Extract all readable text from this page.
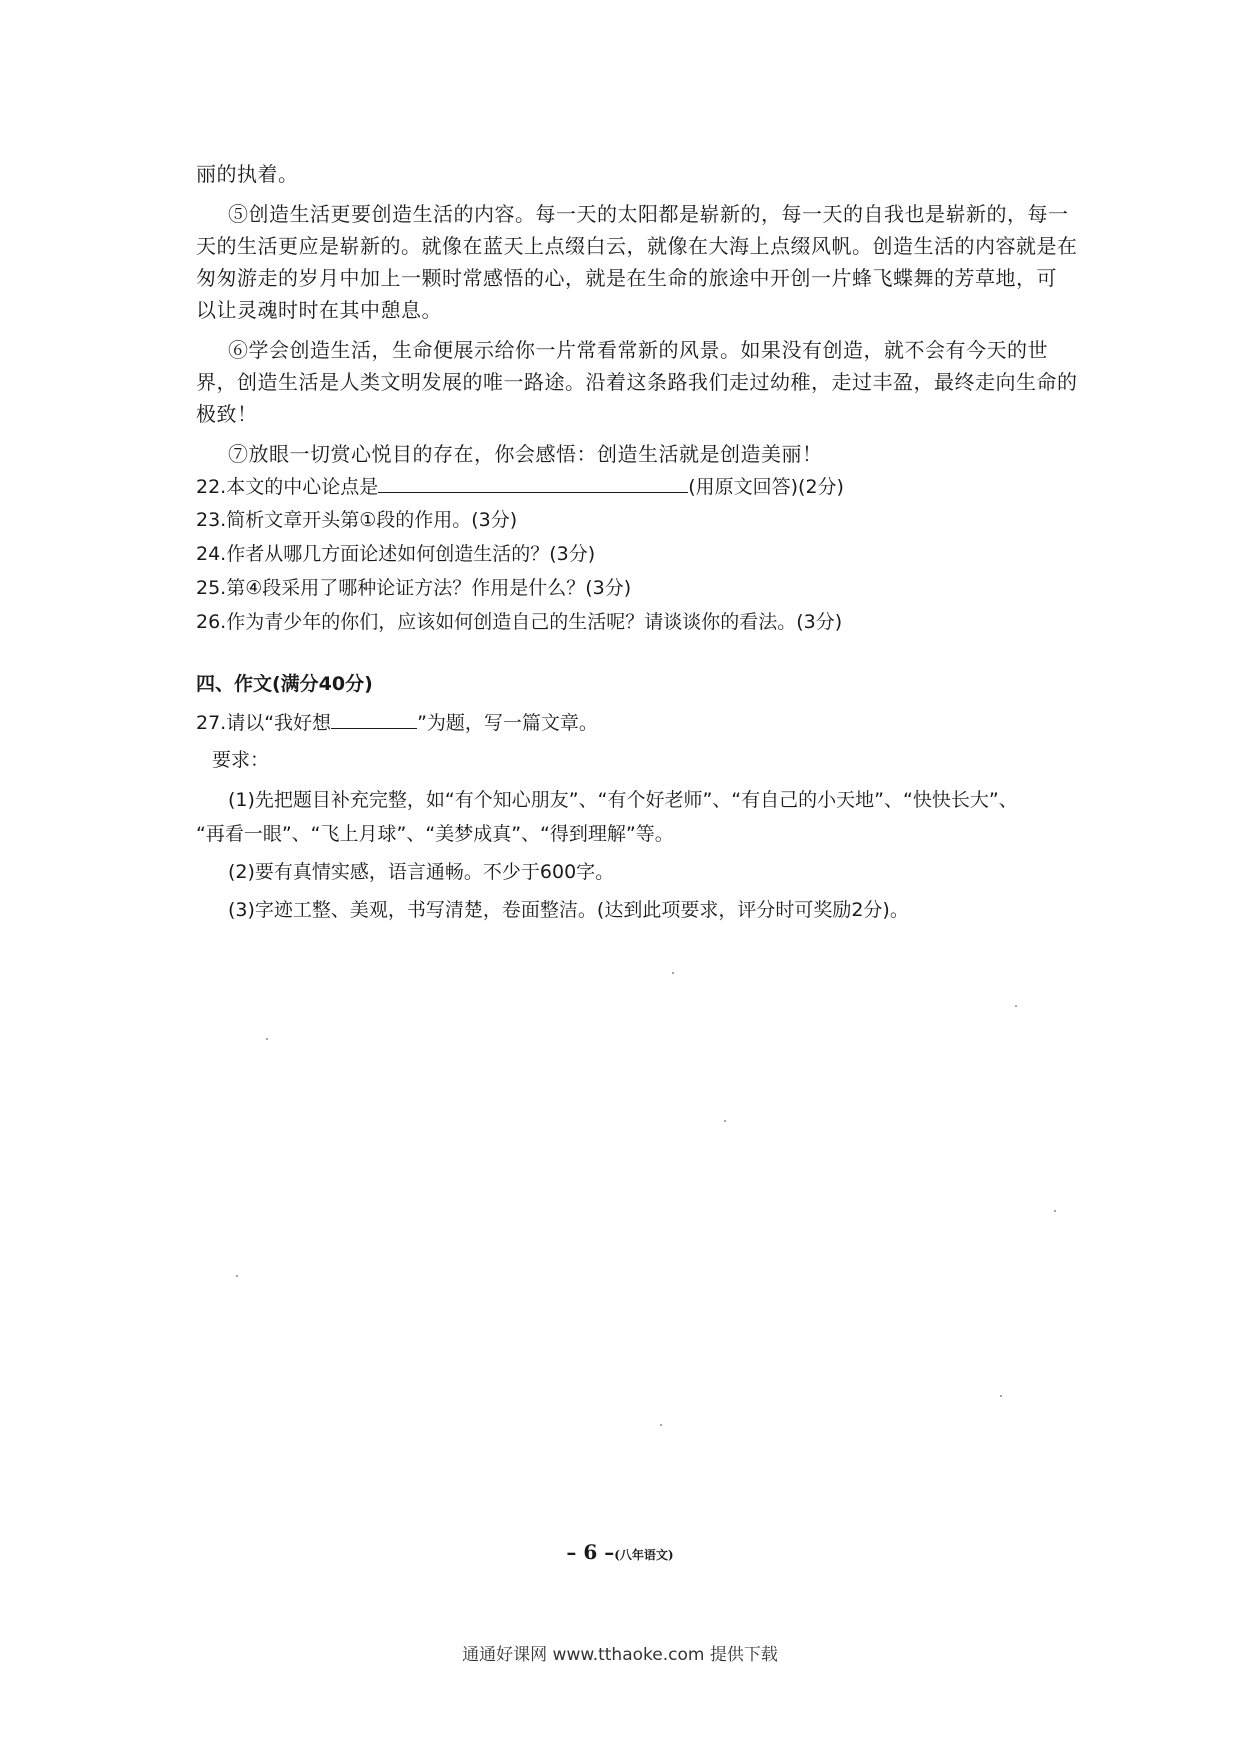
丽的执着。
⑤创造生活更要创造生活的内容。每一天的太阳都是崭新的，每一天的自我也是崭新的，每一
天的生活更应是崭新的。就像在蓝天上点缀白云，就像在大海上点缀风帆。创造生活的内容就是在
匆匆游走的岁月中加上一颗时常感悟的心，就是在生命的旅途中开创一片蜂飞蝶舞的芳草地，可
以让灵魂时时在其中憩息。
⑥学会创造生活，生命便展示给你一片常看常新的风景。如果没有创造，就不会有今天的世
界，创造生活是人类文明发展的唯一路途。沿着这条路我们走过幼稚，走过丰盈，最终走向生命的
极致！
⑦放眼一切赏心悦目的存在，你会感悟：创造生活就是创造美丽！
22.本文的中心论点是	(用原文回答)(2分)
23.简析文章开头第①段的作用。(3分)
24.作者从哪几方面论述如何创造生活的？(3分)
25.第④段采用了哪种论证方法？作用是什么？(3分)
26.作为青少年的你们，应该如何创造自己的生活呢？请谈谈你的看法。(3分)
四、作文(满分40分)
27.请以“我好想	”为题，写一篇文章。
要求：
(1)先把题目补充完整，如“有个知心朋友”、“有个好老师”、“有自己的小天地”、“快快长大”、
“再看一眼”、“飞上月球”、“美梦成真”、“得到理解”等。
(2)要有真情实感，语言通畅。不少于600字。
(3)字迹工整、美观，书写清楚，卷面整洁。(达到此项要求，评分时可奖励2分)。
– 6 –(八年语文)
通通好课网 www.tthaoke.com 提供下载
